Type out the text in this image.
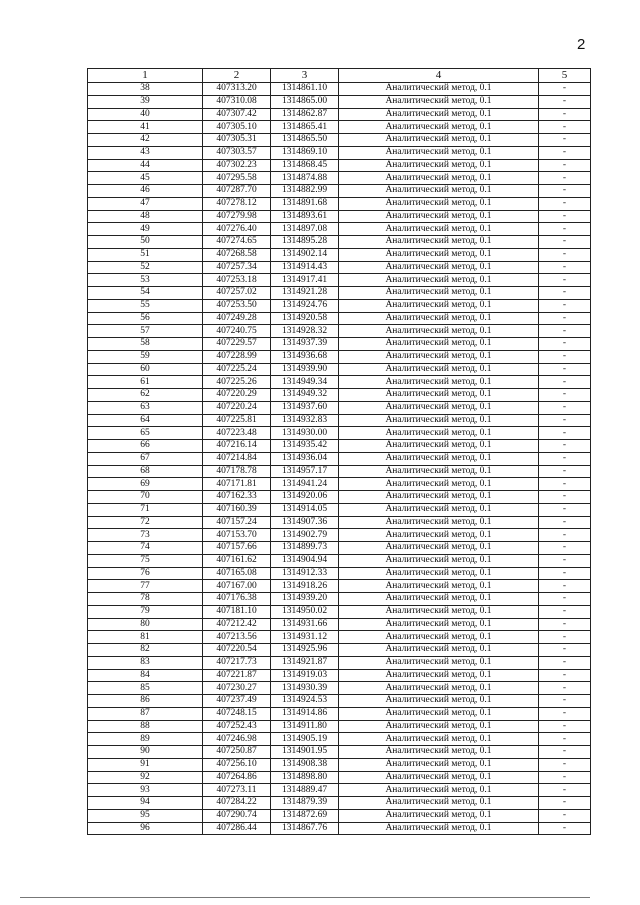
2
1	2	3	4	5
38	407313.20	1314861.10	Аналитический метод, 0.1	-
39	407310.08	1314865.00	Аналитический метод, 0.1	-
40	407307.42	1314862.87	Аналитический метод, 0.1	-
41	407305.10	1314865.41	Аналитический метод, 0.1	-
42	407305.31	1314865.50	Аналитический метод, 0.1	-
43	407303.57	1314869.10	Аналитический метод, 0.1	-
44	407302.23	1314868.45	Аналитический метод, 0.1	-
45	407295.58	1314874.88	Аналитический метод, 0.1	-
46	407287.70	1314882.99	Аналитический метод, 0.1	-
47	407278.12	1314891.68	Аналитический метод, 0.1	-
48	407279.98	1314893.61	Аналитический метод, 0.1	-
49	407276.40	1314897.08	Аналитический метод, 0.1	-
50	407274.65	1314895.28	Аналитический метод, 0.1	-
51	407268.58	1314902.14	Аналитический метод, 0.1	-
52	407257.34	1314914.43	Аналитический метод, 0.1	-
53	407253.18	1314917.41	Аналитический метод, 0.1	-
54	407257.02	1314921.28	Аналитический метод, 0.1	-
55	407253.50	1314924.76	Аналитический метод, 0.1	-
56	407249.28	1314920.58	Аналитический метод, 0.1	-
57	407240.75	1314928.32	Аналитический метод, 0.1	-
58	407229.57	1314937.39	Аналитический метод, 0.1	-
59	407228.99	1314936.68	Аналитический метод, 0.1	-
60	407225.24	1314939.90	Аналитический метод, 0.1	-
61	407225.26	1314949.34	Аналитический метод, 0.1	-
62	407220.29	1314949.32	Аналитический метод, 0.1	-
63	407220.24	1314937.60	Аналитический метод, 0.1	-
64	407225.81	1314932.83	Аналитический метод, 0.1	-
65	407223.48	1314930.00	Аналитический метод, 0.1	-
66	407216.14	1314935.42	Аналитический метод, 0.1	-
67	407214.84	1314936.04	Аналитический метод, 0.1	-
68	407178.78	1314957.17	Аналитический метод, 0.1	-
69	407171.81	1314941.24	Аналитический метод, 0.1	-
70	407162.33	1314920.06	Аналитический метод, 0.1	-
71	407160.39	1314914.05	Аналитический метод, 0.1	-
72	407157.24	1314907.36	Аналитический метод, 0.1	-
73	407153.70	1314902.79	Аналитический метод, 0.1	-
74	407157.66	1314899.73	Аналитический метод, 0.1	-
75	407161.62	1314904.94	Аналитический метод, 0.1	-
76	407165.08	1314912.33	Аналитический метод, 0.1	-
77	407167.00	1314918.26	Аналитический метод, 0.1	-
78	407176.38	1314939.20	Аналитический метод, 0.1	-
79	407181.10	1314950.02	Аналитический метод, 0.1	-
80	407212.42	1314931.66	Аналитический метод, 0.1	-
81	407213.56	1314931.12	Аналитический метод, 0.1	-
82	407220.54	1314925.96	Аналитический метод, 0.1	-
83	407217.73	1314921.87	Аналитический метод, 0.1	-
84	407221.87	1314919.03	Аналитический метод, 0.1	-
85	407230.27	1314930.39	Аналитический метод, 0.1	-
86	407237.49	1314924.53	Аналитический метод, 0.1	-
87	407248.15	1314914.86	Аналитический метод, 0.1	-
88	407252.43	1314911.80	Аналитический метод, 0.1	-
89	407246.98	1314905.19	Аналитический метод, 0.1	-
90	407250.87	1314901.95	Аналитический метод, 0.1	-
91	407256.10	1314908.38	Аналитический метод, 0.1	-
92	407264.86	1314898.80	Аналитический метод, 0.1	-
93	407273.11	1314889.47	Аналитический метод, 0.1	-
94	407284.22	1314879.39	Аналитический метод, 0.1	-
95	407290.74	1314872.69	Аналитический метод, 0.1	-
96	407286.44	1314867.76	Аналитический метод, 0.1	-
